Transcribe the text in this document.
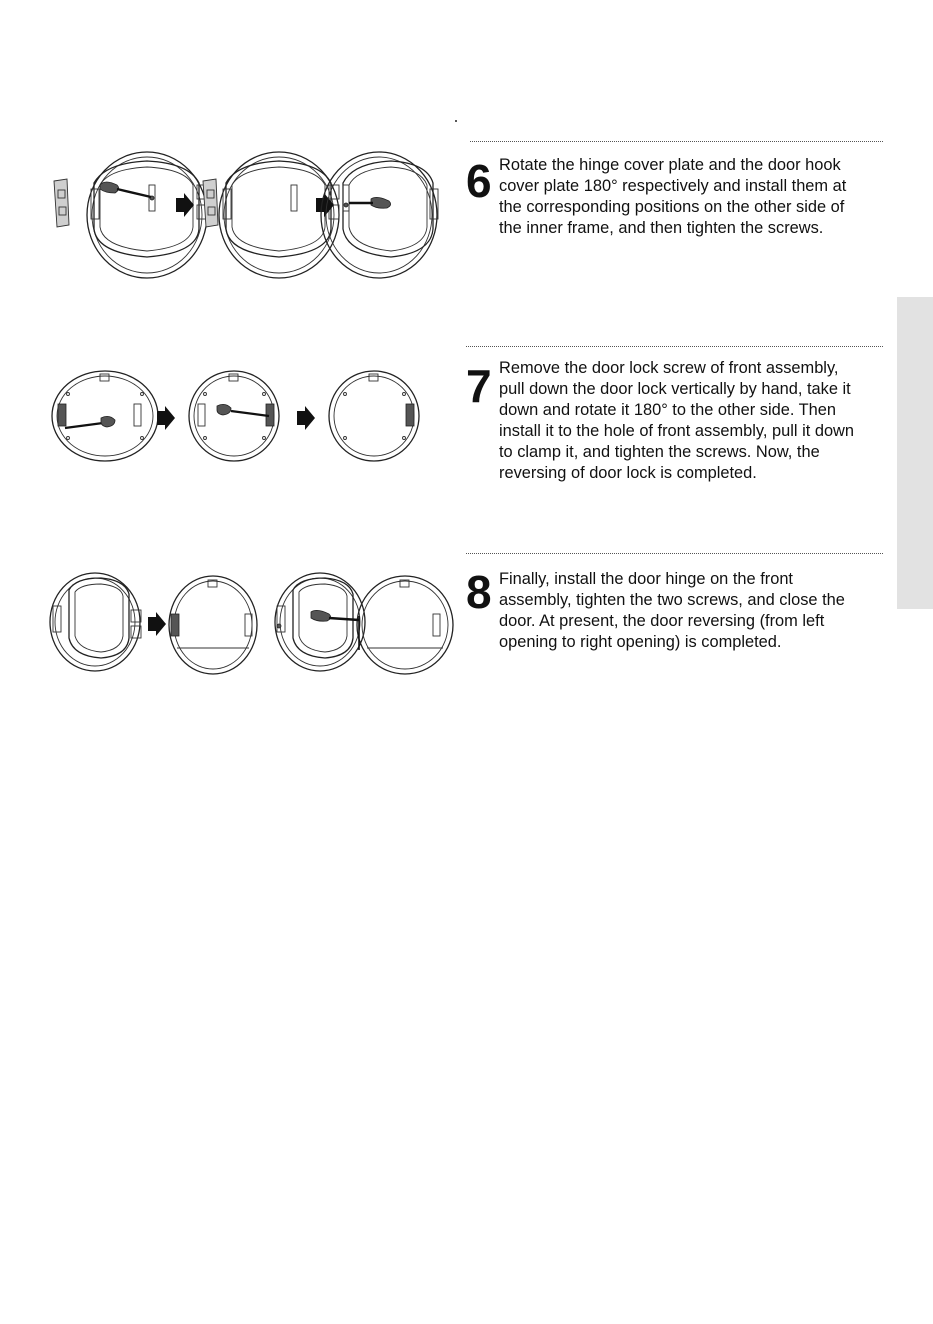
6 Rotate the hinge cover plate and the door hook
cover plate 180° respectively and install them at
the corresponding positions on the other side of
the inner frame, and then tighten the screws.
7 Remove the door lock screw of front assembly,
pull down the door lock vertically by hand, take it
down and rotate it 180° to the other side. Then
install it to the hole of front assembly, pull it down
to clamp it, and tighten the screws. Now, the
reversing of door lock is completed.
8 Finally, install the door hinge on the front
assembly, tighten the two screws, and close the
door. At present, the door reversing (from left
opening to right opening) is completed.
